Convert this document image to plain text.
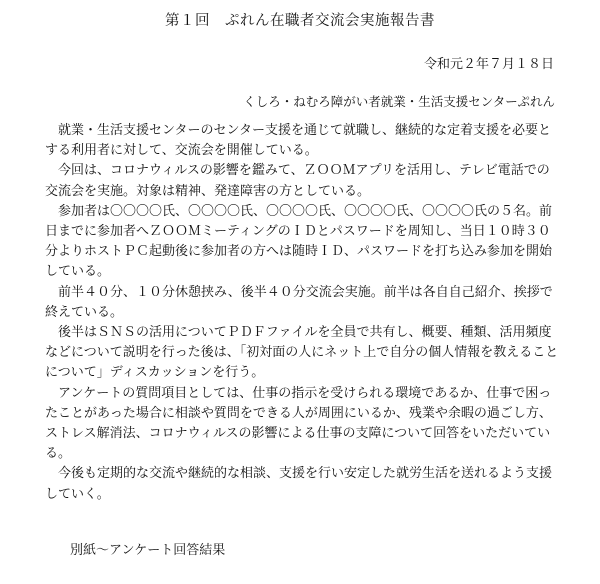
第１回　ぷれん在職者交流会実施報告書
令和元２年７月１８日
くしろ・ねむろ障がい者就業・生活支援センターぷれん

就業・生活支援センターのセンター支援を通じて就職し、継続的な定着支援を必要とする利用者に対して、交流会を開催している。

今回は、コロナウィルスの影響を鑑みて、ＺＯＯＭアプリを活用し、テレビ電話での交流会を実施。対象は精神、発達障害の方としている。

参加者は〇〇〇〇氏、〇〇〇〇氏、〇〇〇〇氏、〇〇〇〇氏、〇〇〇〇氏の５名。前日までに参加者へＺＯＯＭミーティングのＩＤとパスワードを周知し、当日１０時３０分よりホストＰＣ起動後に参加者の方へは随時ＩＤ、パスワードを打ち込み参加を開始している。

前半４０分、１０分休憩挟み、後半４０分交流会実施。前半は各自自己紹介、挨拶で終えている。

後半はＳＮＳの活用についてＰＤＦファイルを全員で共有し、概要、種類、活用頻度などについて説明を行った後は、「初対面の人にネット上で自分の個人情報を教えることについて」ディスカッションを行う。

アンケートの質問項目としては、仕事の指示を受けられる環境であるか、仕事で困ったことがあった場合に相談や質問をできる人が周囲にいるか、残業や余暇の過ごし方、ストレス解消法、コロナウィルスの影響による仕事の支障について回答をいただいている。

今後も定期的な交流や継続的な相談、支援を行い安定した就労生活を送れるよう支援していく。

別紙～アンケート回答結果
